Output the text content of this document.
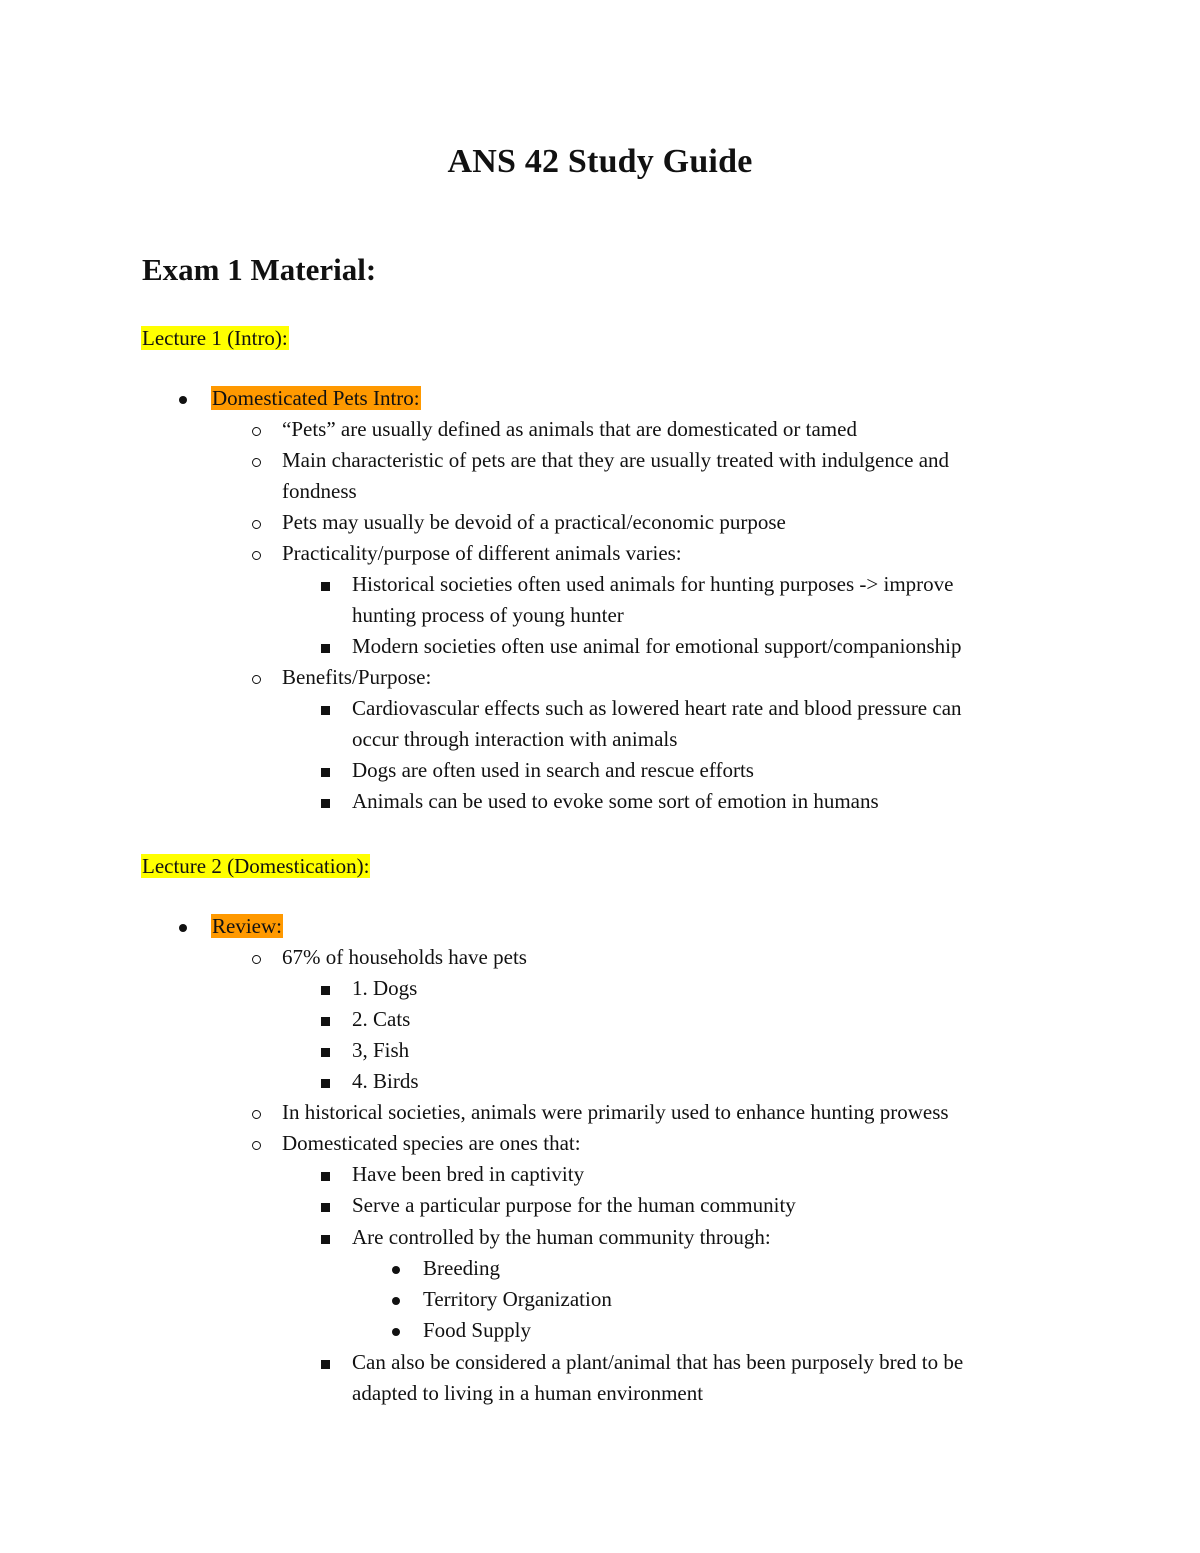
ANS 42 Study Guide
Exam 1 Material:
Lecture 1 (Intro):
Domesticated Pets Intro:
“Pets” are usually defined as animals that are domesticated or tamed
Main characteristic of pets are that they are usually treated with indulgence and
fondness
Pets may usually be devoid of a practical/economic purpose
Practicality/purpose of different animals varies:
Historical societies often used animals for hunting purposes -> improve
hunting process of young hunter
Modern societies often use animal for emotional support/companionship
Benefits/Purpose:
Cardiovascular effects such as lowered heart rate and blood pressure can
occur through interaction with animals
Dogs are often used in search and rescue efforts
Animals can be used to evoke some sort of emotion in humans
Lecture 2 (Domestication):
Review:
67% of households have pets
1. Dogs
2. Cats
3, Fish
4. Birds
In historical societies, animals were primarily used to enhance hunting prowess
Domesticated species are ones that:
Have been bred in captivity
Serve a particular purpose for the human community
Are controlled by the human community through:
Breeding
Territory Organization
Food Supply
Can also be considered a plant/animal that has been purposely bred to be
adapted to living in a human environment
